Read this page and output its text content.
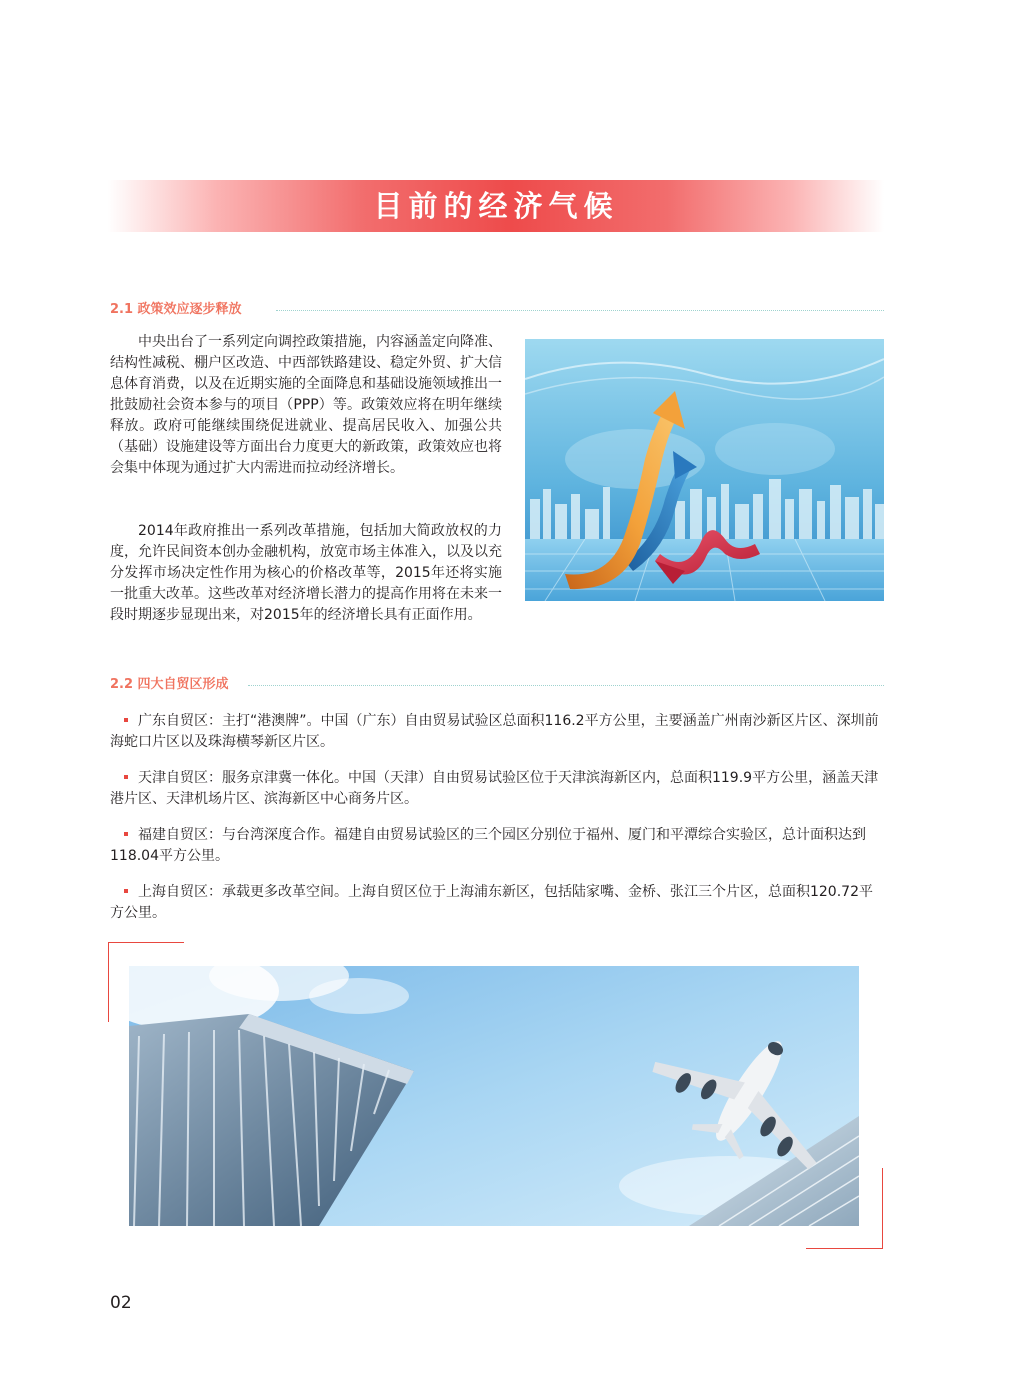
目前的经济气候
2.1 政策效应逐步释放

中央出台了一系列定向调控政策措施，内容涵盖定向降准、结构性减税、棚户区改造、中西部铁路建设、稳定外贸、扩大信息体育消费，以及在近期实施的全面降息和基础设施领域推出一批鼓励社会资本参与的项目（PPP）等。政策效应将在明年继续释放。政府可能继续围绕促进就业、提高居民收入、加强公共（基础）设施建设等方面出台力度更大的新政策，政策效应也将会集中体现为通过扩大内需进而拉动经济增长。

2014年政府推出一系列改革措施，包括加大简政放权的力度，允许民间资本创办金融机构，放宽市场主体准入，以及以充分发挥市场决定性作用为核心的价格改革等，2015年还将实施一批重大改革。这些改革对经济增长潜力的提高作用将在未来一段时期逐步显现出来，对2015年的经济增长具有正面作用。

2.2 四大自贸区形成

广东自贸区：主打“港澳牌”。中国（广东）自由贸易试验区总面积116.2平方公里，主要涵盖广州南沙新区片区、深圳前海蛇口片区以及珠海横琴新区片区。

天津自贸区：服务京津冀一体化。中国（天津）自由贸易试验区位于天津滨海新区内，总面积119.9平方公里，涵盖天津港片区、天津机场片区、滨海新区中心商务片区。

福建自贸区：与台湾深度合作。福建自由贸易试验区的三个园区分别位于福州、厦门和平潭综合实验区，总计面积达到118.04平方公里。

上海自贸区：承载更多改革空间。上海自贸区位于上海浦东新区，包括陆家嘴、金桥、张江三个片区，总面积120.72平方公里。

02
